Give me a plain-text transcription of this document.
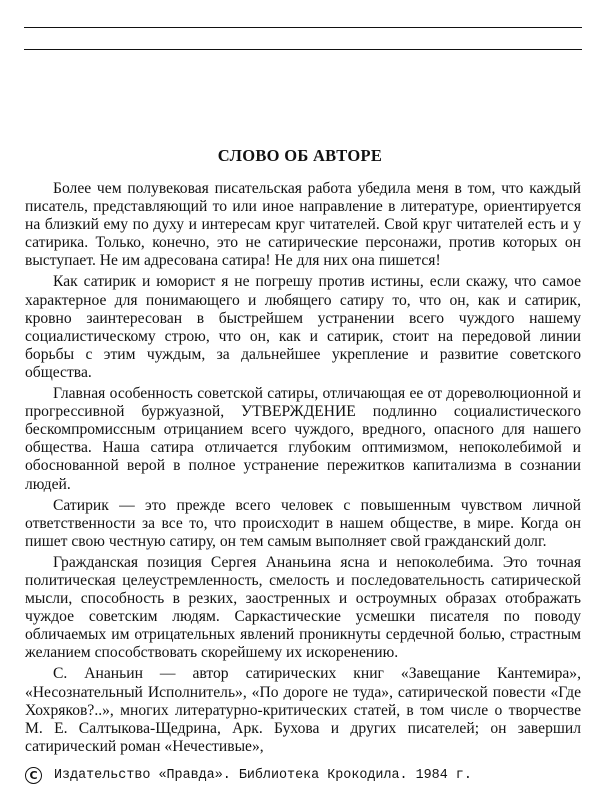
СЛОВО ОБ АВТОРЕ

Более чем полувековая писательская работа убедила меня в том, что каждый писатель, представляющий то или иное направление в литературе, ориентируется на близкий ему по духу и интересам круг читателей. Свой круг читателей есть и у сатирика. Только, конечно, это не сатирические персонажи, против которых он выступает. Не им адресована сатира! Не для них она пишется!

Как сатирик и юморист я не погрешу против истины, если скажу, что самое характерное для понимающего и любящего сатиру то, что он, как и сатирик, кровно заинтересован в быстрейшем устранении всего чуждого нашему социалистическому строю, что он, как и сатирик, стоит на передовой линии борьбы с этим чуждым, за дальнейшее укрепление и развитие советского общества.

Главная особенность советской сатиры, отличающая ее от дореволюционной и прогрессивной буржуазной, УТВЕРЖДЕНИЕ подлинно социалистического бескомпромиссным отрицанием всего чуждого, вредного, опасного для нашего общества. Наша сатира отличается глубоким оптимизмом, непоколебимой и обоснованной верой в полное устранение пережитков капитализма в сознании людей.

Сатирик — это прежде всего человек с повышенным чувством личной ответственности за все то, что происходит в нашем обществе, в мире. Когда он пишет свою честную сатиру, он тем самым выполняет свой гражданский долг.

Гражданская позиция Сергея Ананьина ясна и непоколебима. Это точная политическая целеустремленность, смелость и последовательность сатирической мысли, способность в резких, заостренных и остроумных образах отображать чуждое советским людям. Саркастические усмешки писателя по поводу обличаемых им отрицательных явлений проникнуты сердечной болью, страстным желанием способствовать скорейшему их искоренению.

С. Ананьин — автор сатирических книг «Завещание Кантемира», «Несознательный Исполнитель», «По дороге не туда», сатирической повести «Где Хохряков?..», многих литературно-критических статей, в том числе о творчестве М. Е. Салтыкова-Щедрина, Арк. Бухова и других писателей; он завершил сатирический роман «Нечестивые»,

С Издательство «Правда». Библиотека Крокодила. 1984 г.
